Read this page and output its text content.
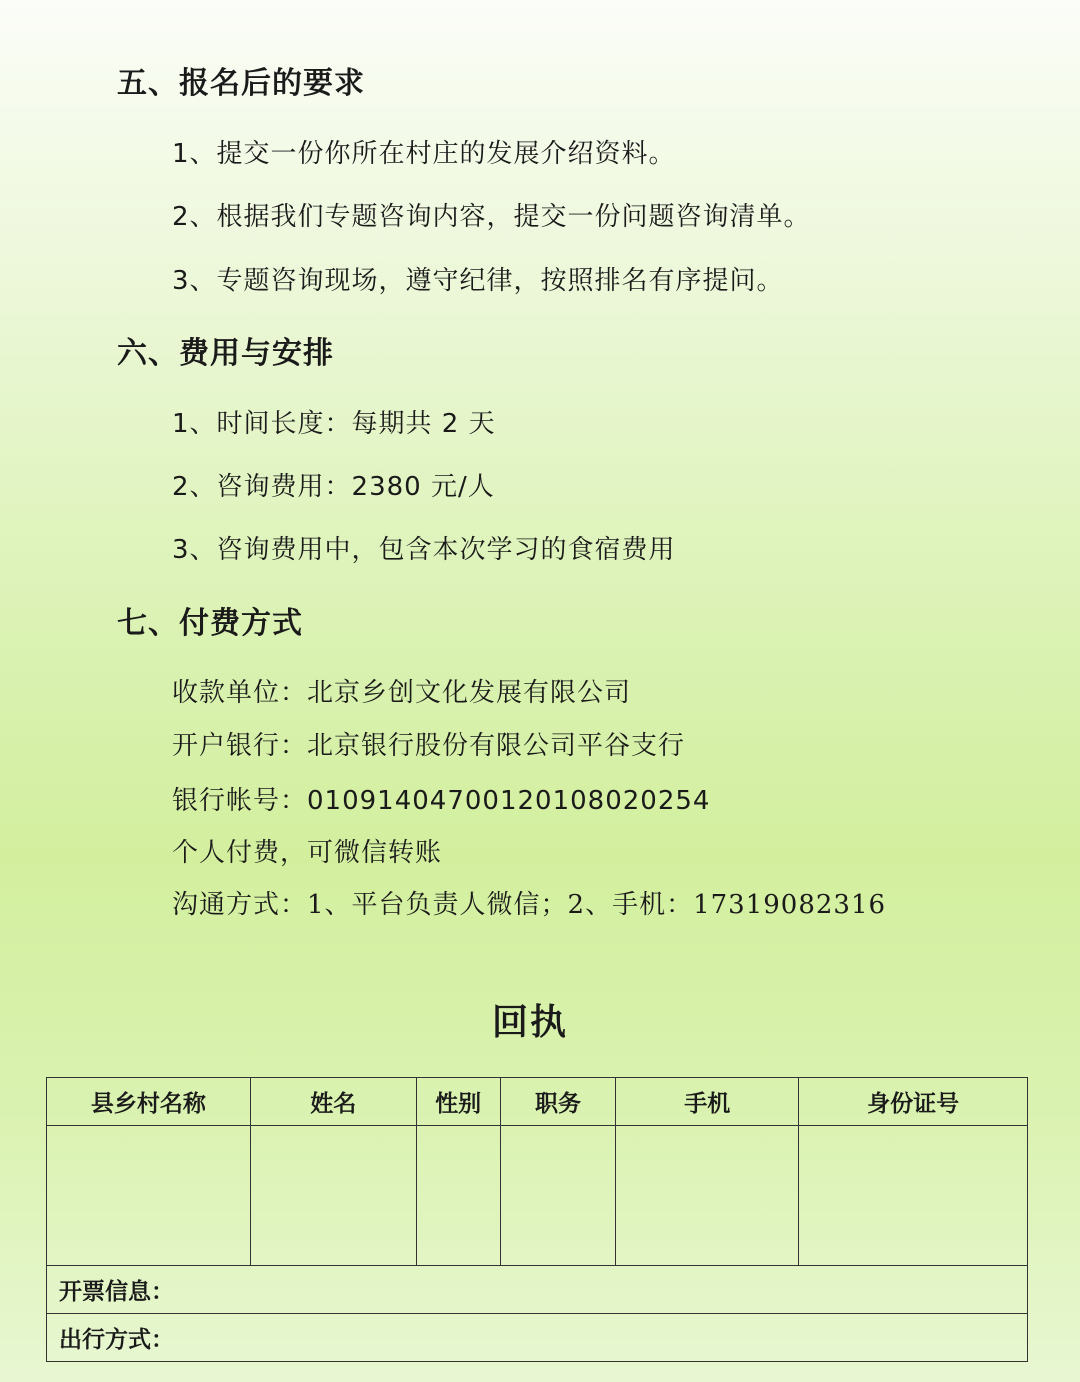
五、报名后的要求

1、提交一份你所在村庄的发展介绍资料。

2、根据我们专题咨询内容，提交一份问题咨询清单。

3、专题咨询现场，遵守纪律，按照排名有序提问。

六、费用与安排

1、时间长度：每期共 2 天

2、咨询费用：2380 元/人

3、咨询费用中，包含本次学习的食宿费用

七、付费方式

收款单位：北京乡创文化发展有限公司

开户银行：北京银行股份有限公司平谷支行

银行帐号：01091404700120108020254

个人付费，可微信转账

沟通方式：1、平台负责人微信；2、手机：17319082316

回执
县乡村名称	姓名	性别	职务	手机	身份证号

开票信息：					
出行方式：					
